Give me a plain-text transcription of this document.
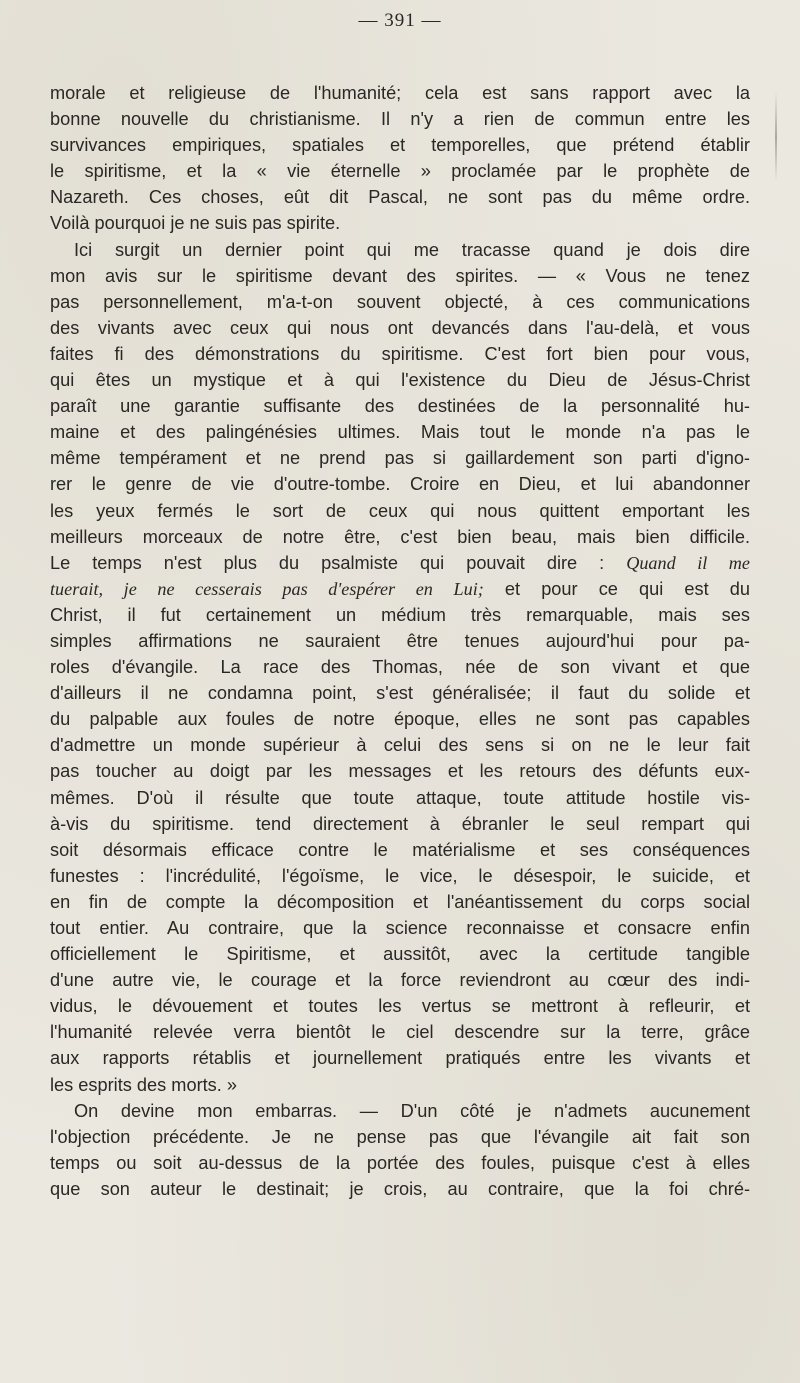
— 391 —
morale et religieuse de l'humanité; cela est sans rapport avec la
bonne nouvelle du christianisme. Il n'y a rien de commun entre les
survivances empiriques, spatiales et temporelles, que prétend établir
le spiritisme, et la « vie éternelle » proclamée par le prophète de
Nazareth. Ces choses, eût dit Pascal, ne sont pas du même ordre.
Voilà pourquoi je ne suis pas spirite.
Ici surgit un dernier point qui me tracasse quand je dois dire
mon avis sur le spiritisme devant des spirites. — « Vous ne tenez
pas personnellement, m'a-t-on souvent objecté, à ces communications
des vivants avec ceux qui nous ont devancés dans l'au-delà, et vous
faites fi des démonstrations du spiritisme. C'est fort bien pour vous,
qui êtes un mystique et à qui l'existence du Dieu de Jésus-Christ
paraît une garantie suffisante des destinées de la personnalité hu-
maine et des palingénésies ultimes. Mais tout le monde n'a pas le
même tempérament et ne prend pas si gaillardement son parti d'igno-
rer le genre de vie d'outre-tombe. Croire en Dieu, et lui abandonner
les yeux fermés le sort de ceux qui nous quittent emportant les
meilleurs morceaux de notre être, c'est bien beau, mais bien difficile.
Le temps n'est plus du psalmiste qui pouvait dire : Quand il me
tuerait, je ne cesserais pas d'espérer en Lui; et pour ce qui est du
Christ, il fut certainement un médium très remarquable, mais ses
simples affirmations ne sauraient être tenues aujourd'hui pour pa-
roles d'évangile. La race des Thomas, née de son vivant et que
d'ailleurs il ne condamna point, s'est généralisée; il faut du solide et
du palpable aux foules de notre époque, elles ne sont pas capables
d'admettre un monde supérieur à celui des sens si on ne le leur fait
pas toucher au doigt par les messages et les retours des défunts eux-
mêmes. D'où il résulte que toute attaque, toute attitude hostile vis-
à-vis du spiritisme. tend directement à ébranler le seul rempart qui
soit désormais efficace contre le matérialisme et ses conséquences
funestes : l'incrédulité, l'égoïsme, le vice, le désespoir, le suicide, et
en fin de compte la décomposition et l'anéantissement du corps social
tout entier. Au contraire, que la science reconnaisse et consacre enfin
officiellement le Spiritisme, et aussitôt, avec la certitude tangible
d'une autre vie, le courage et la force reviendront au cœur des indi-
vidus, le dévouement et toutes les vertus se mettront à refleurir, et
l'humanité relevée verra bientôt le ciel descendre sur la terre, grâce
aux rapports rétablis et journellement pratiqués entre les vivants et
les esprits des morts. »
On devine mon embarras. — D'un côté je n'admets aucunement
l'objection précédente. Je ne pense pas que l'évangile ait fait son
temps ou soit au-dessus de la portée des foules, puisque c'est à elles
que son auteur le destinait; je crois, au contraire, que la foi chré-
